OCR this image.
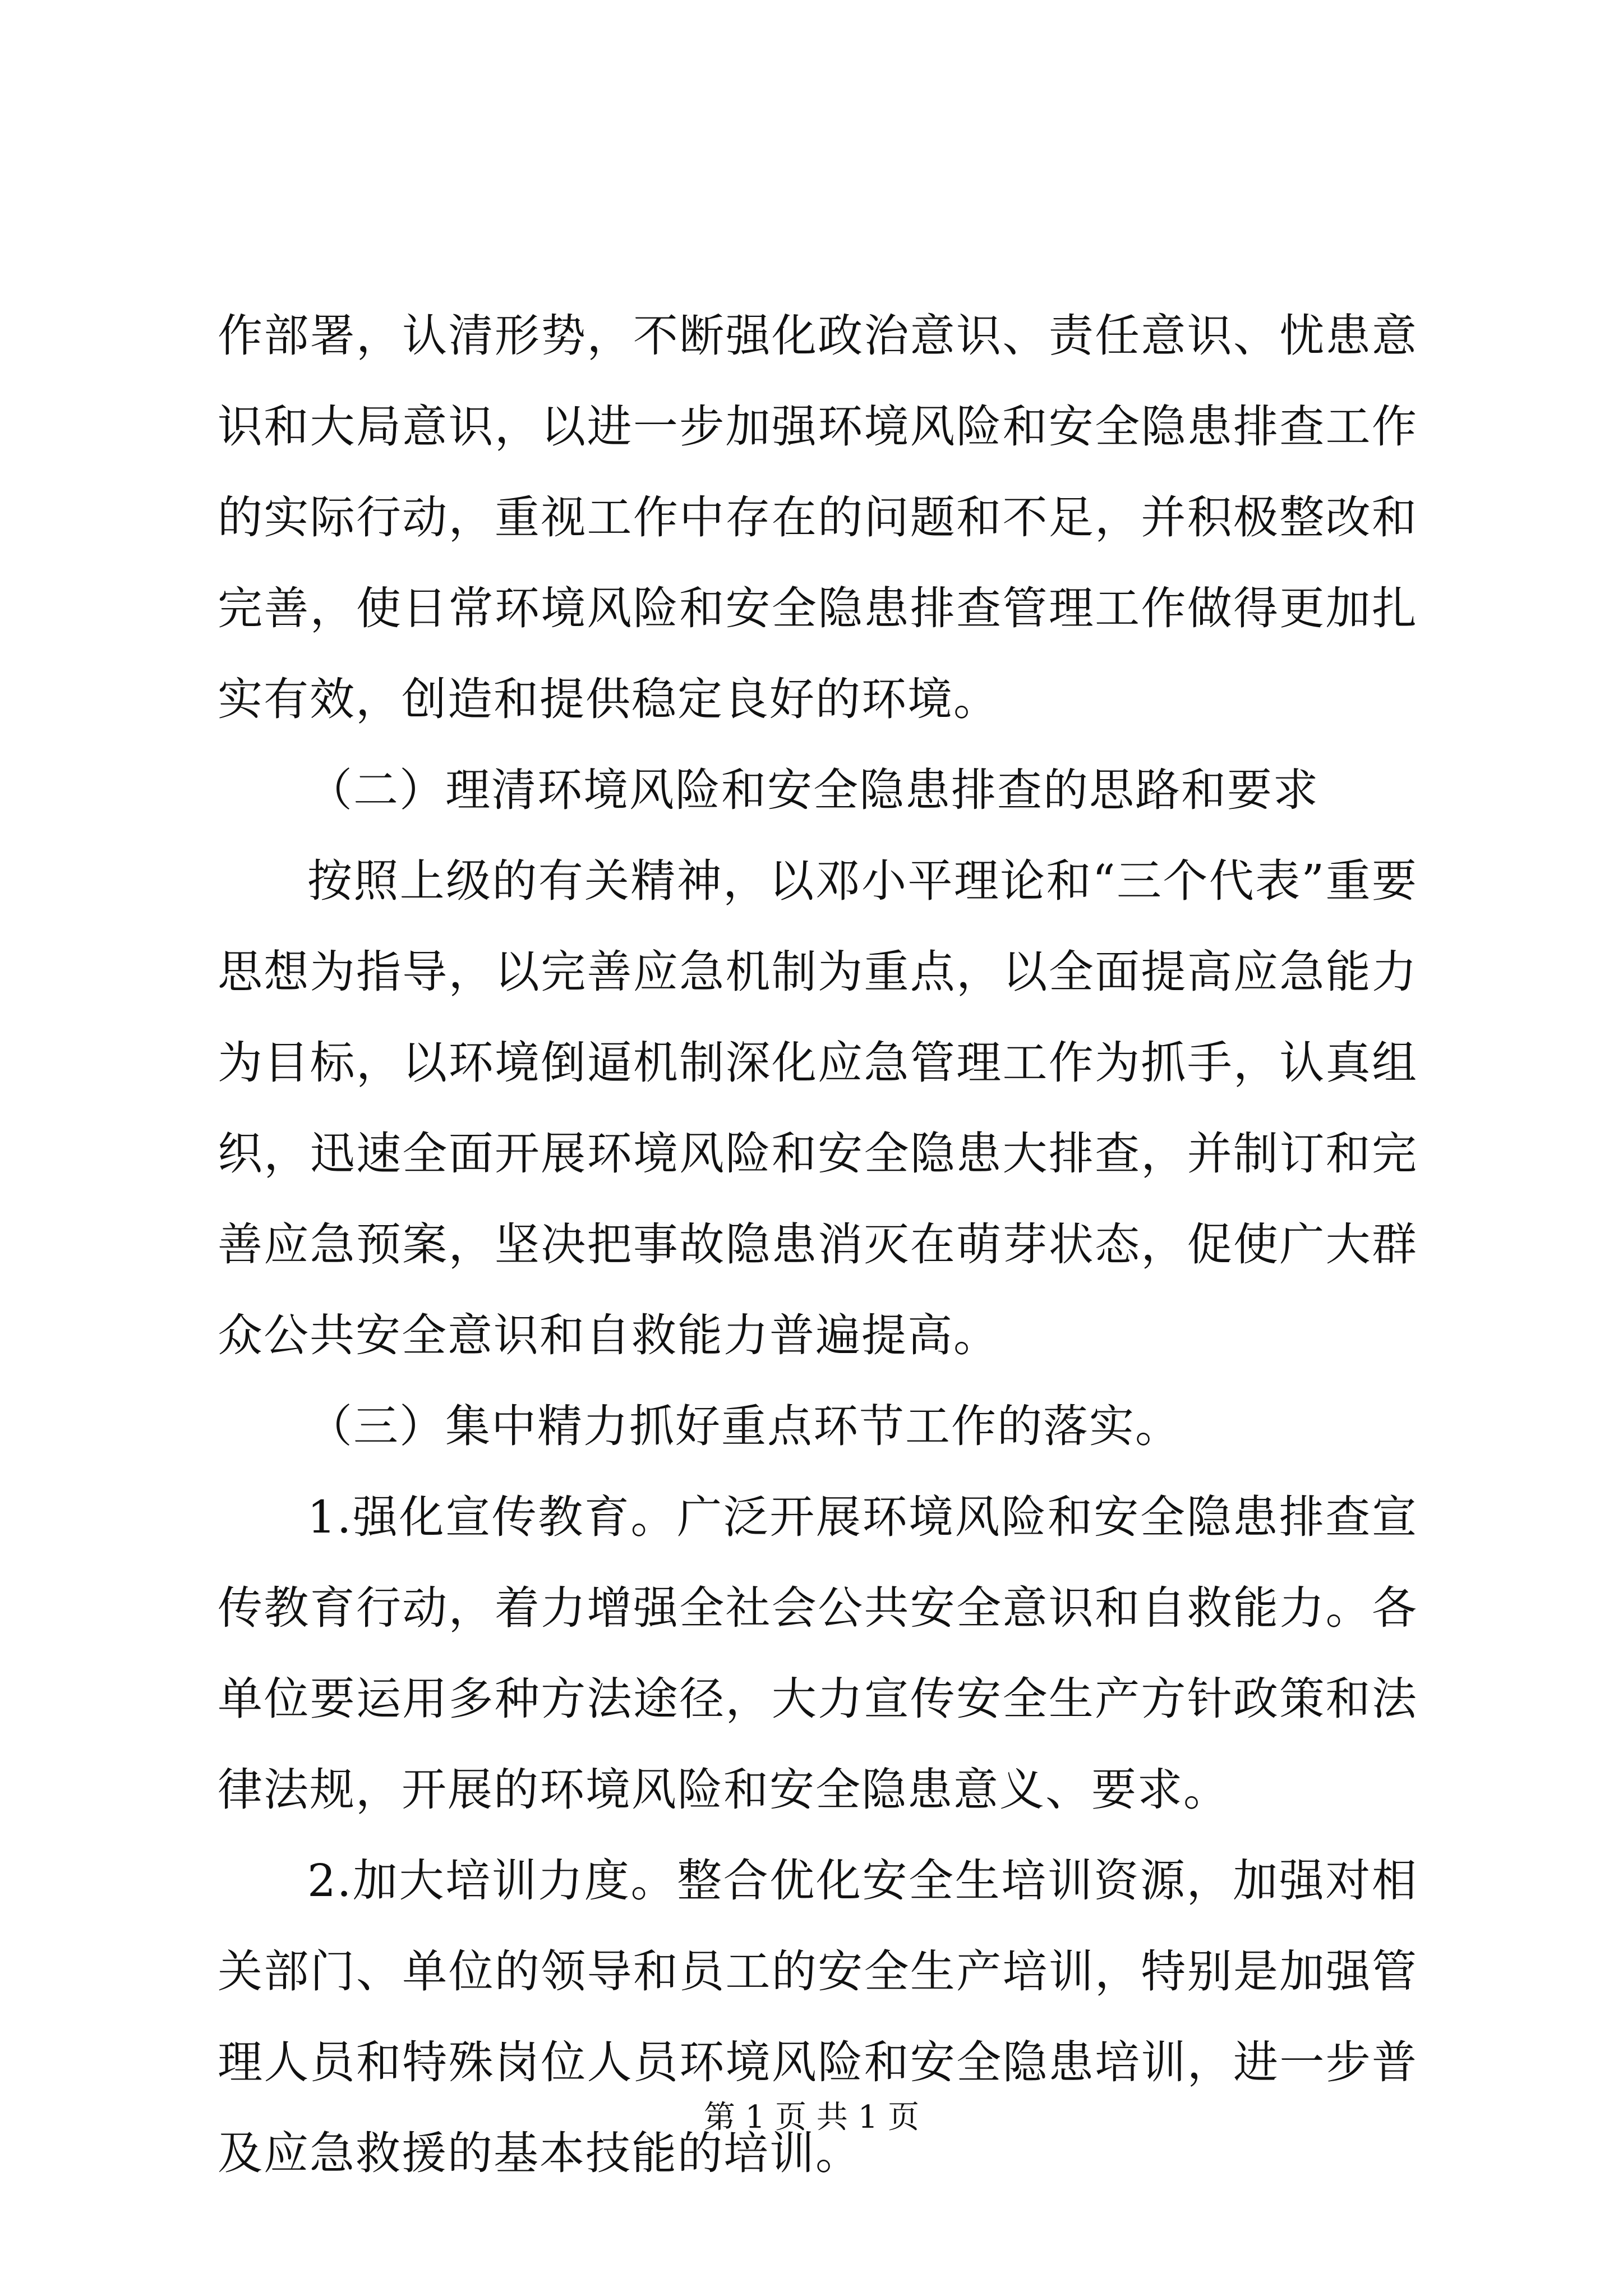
作部署，认清形势，不断强化政治意识、责任意识、忧患意识和大局意识，以进一步加强环境风险和安全隐患排查工作的实际行动，重视工作中存在的问题和不足，并积极整改和完善，使日常环境风险和安全隐患排查管理工作做得更加扎实有效，创造和提供稳定良好的环境。

（二）理清环境风险和安全隐患排查的思路和要求

按照上级的有关精神，以邓小平理论和“三个代表”重要思想为指导，以完善应急机制为重点，以全面提高应急能力为目标，以环境倒逼机制深化应急管理工作为抓手，认真组织，迅速全面开展环境风险和安全隐患大排查，并制订和完善应急预案，坚决把事故隐患消灭在萌芽状态，促使广大群众公共安全意识和自救能力普遍提高。

（三）集中精力抓好重点环节工作的落实。

1.强化宣传教育。广泛开展环境风险和安全隐患排查宣传教育行动，着力增强全社会公共安全意识和自救能力。各单位要运用多种方法途径，大力宣传安全生产方针政策和法律法规，开展的环境风险和安全隐患意义、要求。

2.加大培训力度。整合优化安全生培训资源，加强对相关部门、单位的领导和员工的安全生产培训，特别是加强管理人员和特殊岗位人员环境风险和安全隐患培训，进一步普及应急救援的基本技能的培训。

第 1 页 共 1 页
